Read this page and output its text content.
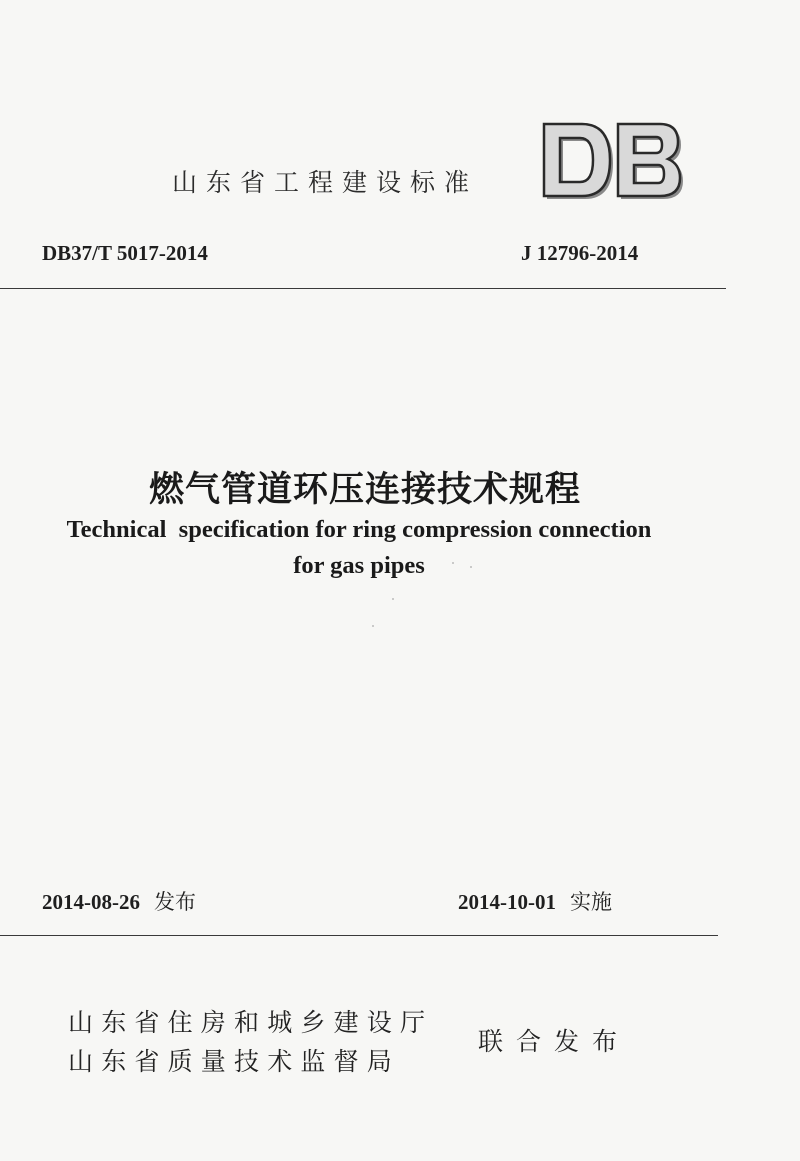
山东省工程建设标准
DB37/T 5017-2014	J 12796-2014
燃气管道环压连接技术规程
Technical  specification for ring compression connection
for gas pipes
2014-08-26 发布	2014-10-01 实施
山东省住房和城乡建设厅
山东省质量技术监督局
联合发布
